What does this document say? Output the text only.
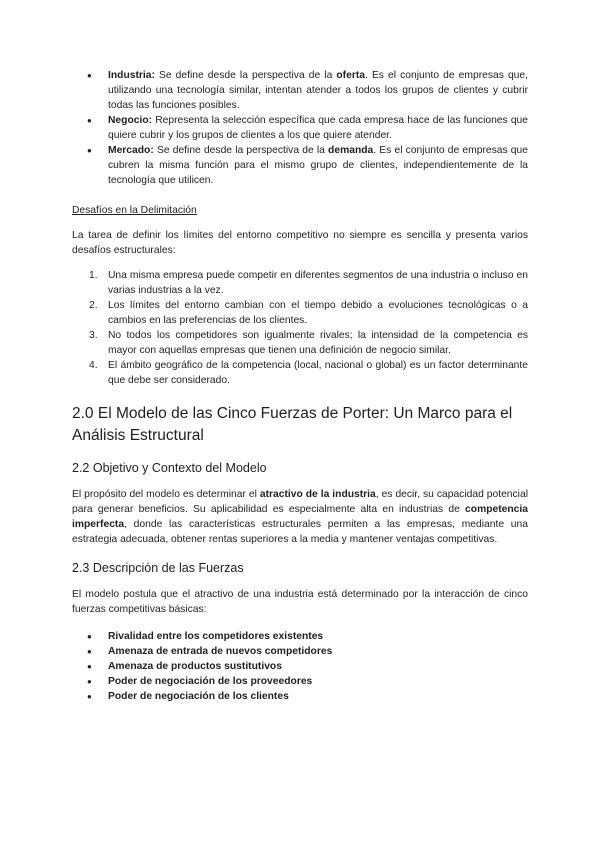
● Industria: Se define desde la perspectiva de la oferta. Es el conjunto de empresas que, utilizando una tecnología similar, intentan atender a todos los grupos de clientes y cubrir todas las funciones posibles.
● Negocio: Representa la selección específica que cada empresa hace de las funciones que quiere cubrir y los grupos de clientes a los que quiere atender.
● Mercado: Se define desde la perspectiva de la demanda. Es el conjunto de empresas que cubren la misma función para el mismo grupo de clientes, independientemente de la tecnología que utilicen.

Desafíos en la Delimitación

La tarea de definir los límites del entorno competitivo no siempre es sencilla y presenta varios desafíos estructurales:

1. Una misma empresa puede competir en diferentes segmentos de una industria o incluso en varias industrias a la vez.
2. Los límites del entorno cambian con el tiempo debido a evoluciones tecnológicas o a cambios en las preferencias de los clientes.
3. No todos los competidores son igualmente rivales; la intensidad de la competencia es mayor con aquellas empresas que tienen una definición de negocio similar.
4. El ámbito geográfico de la competencia (local, nacional o global) es un factor determinante que debe ser considerado.
2.0 El Modelo de las Cinco Fuerzas de Porter: Un Marco para el Análisis Estructural
2.2 Objetivo y Contexto del Modelo

El propósito del modelo es determinar el atractivo de la industria, es decir, su capacidad potencial para generar beneficios. Su aplicabilidad es especialmente alta en industrias de competencia imperfecta, donde las características estructurales permiten a las empresas, mediante una estrategia adecuada, obtener rentas superiores a la media y mantener ventajas competitivas.

2.3 Descripción de las Fuerzas

El modelo postula que el atractivo de una industria está determinado por la interacción de cinco fuerzas competitivas básicas:

● Rivalidad entre los competidores existentes
● Amenaza de entrada de nuevos competidores
● Amenaza de productos sustitutivos
● Poder de negociación de los proveedores
● Poder de negociación de los clientes
